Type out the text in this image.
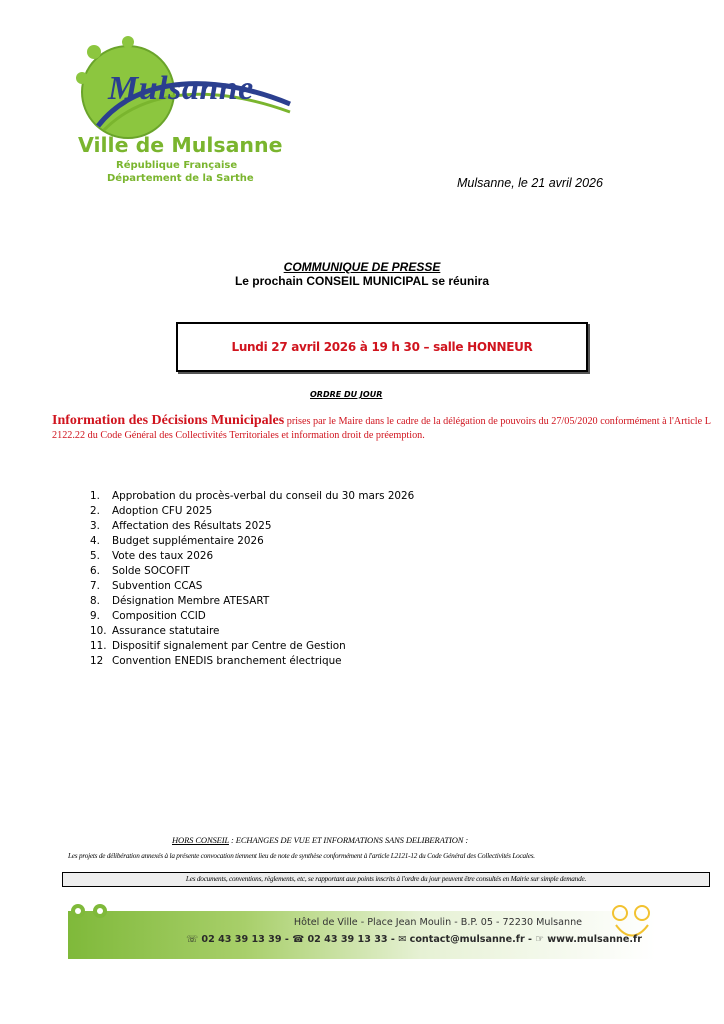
Mulsanne
Ville de Mulsanne
République Française
Département de la Sarthe	Mulsanne, le 21 avril 2026
COMMUNIQUE DE PRESSE
Le prochain CONSEIL MUNICIPAL se réunira
Lundi 27 avril 2026 à 19 h 30 – salle HONNEUR
ORDRE DU JOUR
Information des Décisions Municipales prises par le Maire dans le cadre de la délégation de pouvoirs du 27/05/2020 conformément à l'Article L 2122.22 du Code Général des Collectivités Territoriales et information droit de préemption.
1.	Approbation du procès-verbal du conseil du 30 mars 2026
2.	Adoption CFU 2025
3.	Affectation des Résultats 2025
4.	Budget supplémentaire 2026
5.	Vote des taux 2026
6.	Solde SOCOFIT
7.	Subvention CCAS
8.	Désignation Membre ATESART
9.	Composition CCID
10. Assurance statutaire
11. Dispositif signalement par Centre de Gestion
12 Convention ENEDIS branchement électrique
HORS CONSEIL : ECHANGES DE VUE ET INFORMATIONS SANS DELIBERATION :
Les projets de délibération annexés à la présente convocation tiennent lieu de note de synthèse conformément à l'article L2121-12 du Code Général des Collectivités Locales.
Les documents, conventions, règlements, etc, se rapportant aux points inscrits à l'ordre du jour peuvent être consultés en Mairie sur simple demande.
Hôtel de Ville - Place Jean Moulin - B.P. 05 - 72230 Mulsanne
☏ 02 43 39 13 39 - ☎ 02 43 39 13 33 - ✉ contact@mulsanne.fr - ☞ www.mulsanne.fr
